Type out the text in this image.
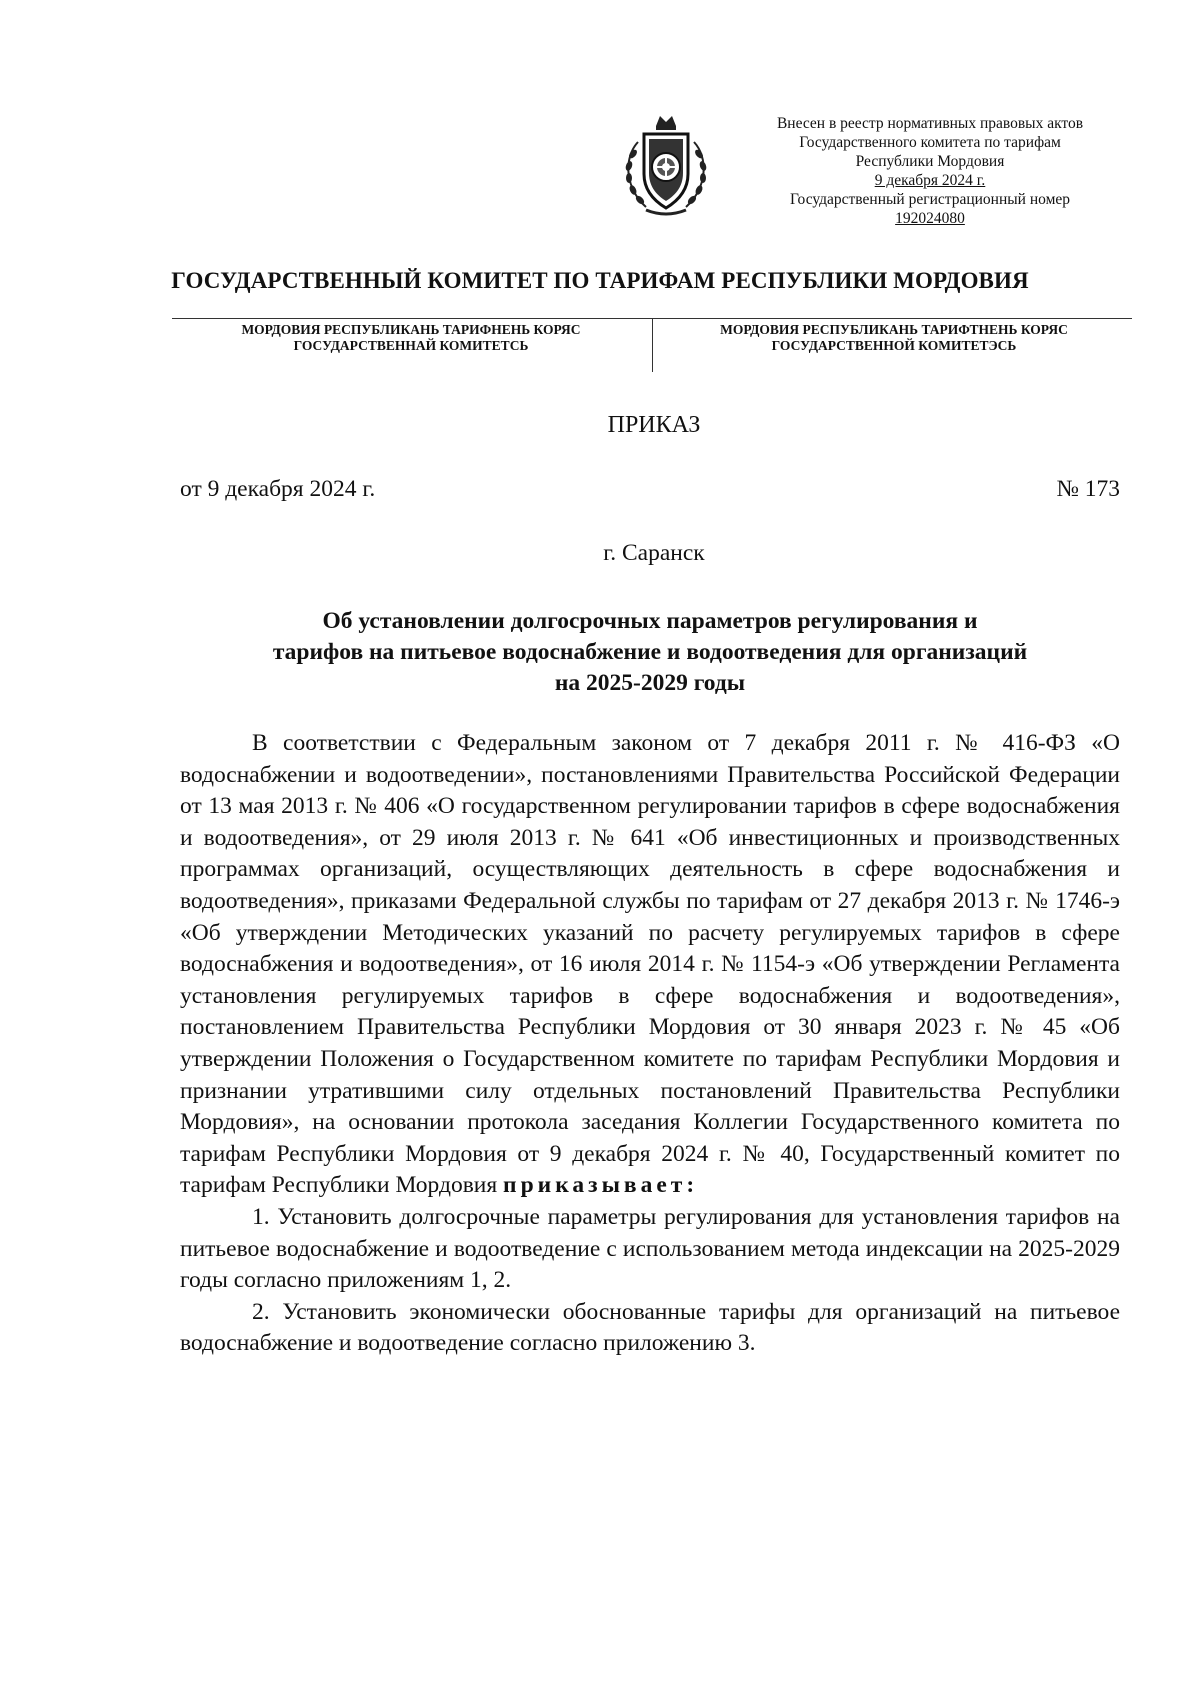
Внесен в реестр нормативных правовых актов
Государственного комитета по тарифам
Республики Мордовия
9 декабря 2024 г.
Государственный регистрационный номер
192024080
ГОСУДАРСТВЕННЫЙ КОМИТЕТ ПО ТАРИФАМ РЕСПУБЛИКИ МОРДОВИЯ
МОРДОВИЯ РЕСПУБЛИКАНЬ ТАРИФНЕНЬ КОРЯС
ГОСУДАРСТВЕННАЙ КОМИТЕТСЬ
МОРДОВИЯ РЕСПУБЛИКАНЬ ТАРИФТНЕНЬ КОРЯС
ГОСУДАРСТВЕННОЙ КОМИТЕТЭСЬ
ПРИКАЗ
от 9 декабря 2024 г.	№ 173
г. Саранск
Об установлении долгосрочных параметров регулирования и
тарифов на питьевое водоснабжение и водоотведения для организаций
на 2025-2029 годы

В соответствии с Федеральным законом от 7 декабря 2011 г. № 416-ФЗ «О водоснабжении и водоотведении», постановлениями Правительства Российской Федерации от 13 мая 2013 г. № 406 «О государственном регулировании тарифов в сфере водоснабжения и водоотведения», от 29 июля 2013 г. № 641 «Об инвестиционных и производственных программах организаций, осуществляющих деятельность в сфере водоснабжения и водоотведения», приказами Федеральной службы по тарифам от 27 декабря 2013 г. № 1746-э «Об утверждении Методических указаний по расчету регулируемых тарифов в сфере водоснабжения и водоотведения», от 16 июля 2014 г. № 1154-э «Об утверждении Регламента установления регулируемых тарифов в сфере водоснабжения и водоотведения», постановлением Правительства Республики Мордовия от 30 января 2023 г. № 45 «Об утверждении Положения о Государственном комитете по тарифам Республики Мордовия и признании утратившими силу отдельных постановлений Правительства Республики Мордовия», на основании протокола заседания Коллегии Государственного комитета по тарифам Республики Мордовия от 9 декабря 2024 г. № 40, Государственный комитет по тарифам Республики Мордовия приказывает:

1. Установить долгосрочные параметры регулирования для установления тарифов на питьевое водоснабжение и водоотведение с использованием метода индексации на 2025-2029 годы согласно приложениям 1, 2.

2. Установить экономически обоснованные тарифы для организаций на питьевое водоснабжение и водоотведение согласно приложению 3.
